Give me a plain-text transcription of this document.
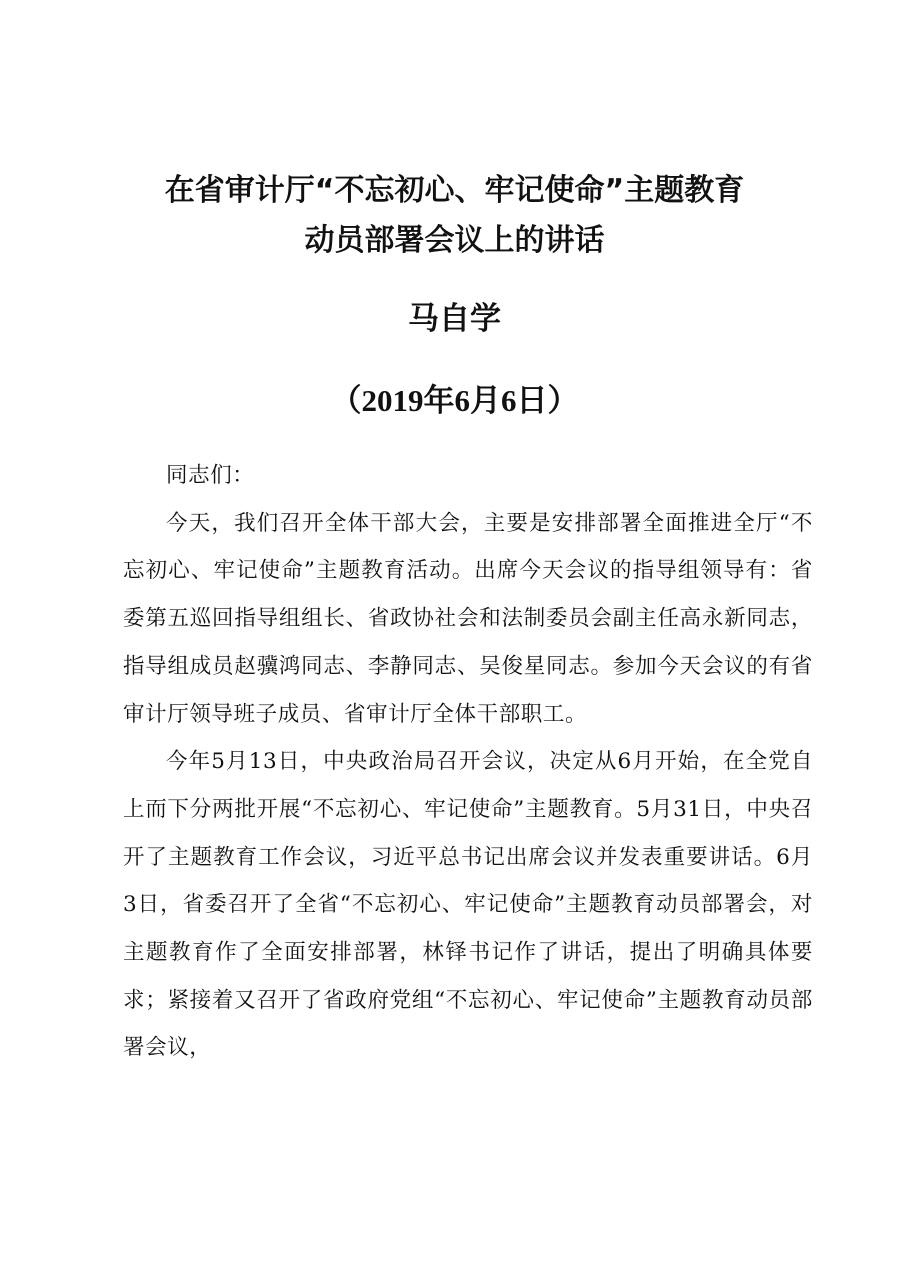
在省审计厅“不忘初心、牢记使命”主题教育
动员部署会议上的讲话
马自学
（2019年6月6日）

同志们：

今天，我们召开全体干部大会，主要是安排部署全面推进全厅“不忘初心、牢记使命”主题教育活动。出席今天会议的指导组领导有：省委第五巡回指导组组长、省政协社会和法制委员会副主任高永新同志，指导组成员赵骥鸿同志、李静同志、吴俊星同志。参加今天会议的有省审计厅领导班子成员、省审计厅全体干部职工。

今年5月13日，中央政治局召开会议，决定从6月开始，在全党自上而下分两批开展“不忘初心、牢记使命”主题教育。5月31日，中央召开了主题教育工作会议，习近平总书记出席会议并发表重要讲话。6月3日，省委召开了全省“不忘初心、牢记使命”主题教育动员部署会，对主题教育作了全面安排部署，林铎书记作了讲话，提出了明确具体要求；紧接着又召开了省政府党组“不忘初心、牢记使命”主题教育动员部署会议，
